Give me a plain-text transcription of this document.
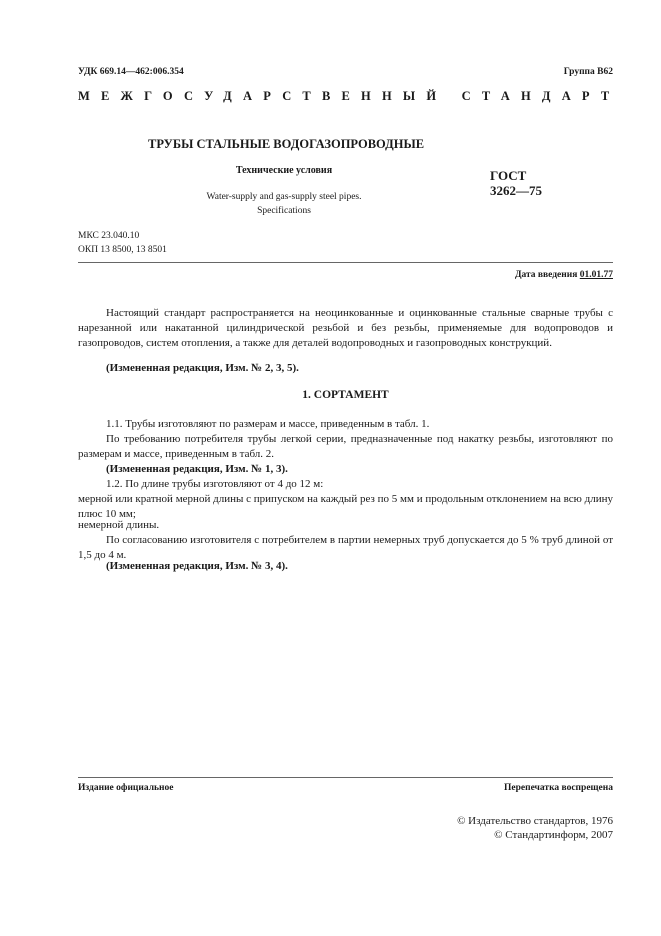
УДК 669.14—462:006.354	Группа В62
МЕЖГОСУДАРСТВЕННЫЙ СТАНДАРТ
ТРУБЫ СТАЛЬНЫЕ ВОДОГАЗОПРОВОДНЫЕ
Технические условия
Water-supply and gas-supply steel pipes.
Specifications
ГОСТ
3262—75
МКС 23.040.10
ОКП 13 8500, 13 8501
Дата введения 01.01.77
Настоящий стандарт распространяется на неоцинкованные и оцинкованные стальные сварные трубы с нарезанной или накатанной цилиндрической резьбой и без резьбы, применяемые для водопроводов и газопроводов, систем отопления, а также для деталей водопроводных и газопроводных конструкций.
(Измененная редакция, Изм. № 2, 3, 5).
1. СОРТАМЕНТ
1.1. Трубы изготовляют по размерам и массе, приведенным в табл. 1.
По требованию потребителя трубы легкой серии, предназначенные под накатку резьбы, изготовляют по размерам и массе, приведенным в табл. 2.
(Измененная редакция, Изм. № 1, 3).
1.2. По длине трубы изготовляют от 4 до 12 м:
мерной или кратной мерной длины с припуском на каждый рез по 5 мм и продольным отклонением на всю длину плюс 10 мм;
немерной длины.
По согласованию изготовителя с потребителем в партии немерных труб допускается до 5 % труб длиной от 1,5 до 4 м.
(Измененная редакция, Изм. № 3, 4).
Издание официальное	Перепечатка воспрещена
© Издательство стандартов, 1976
© Стандартинформ, 2007
